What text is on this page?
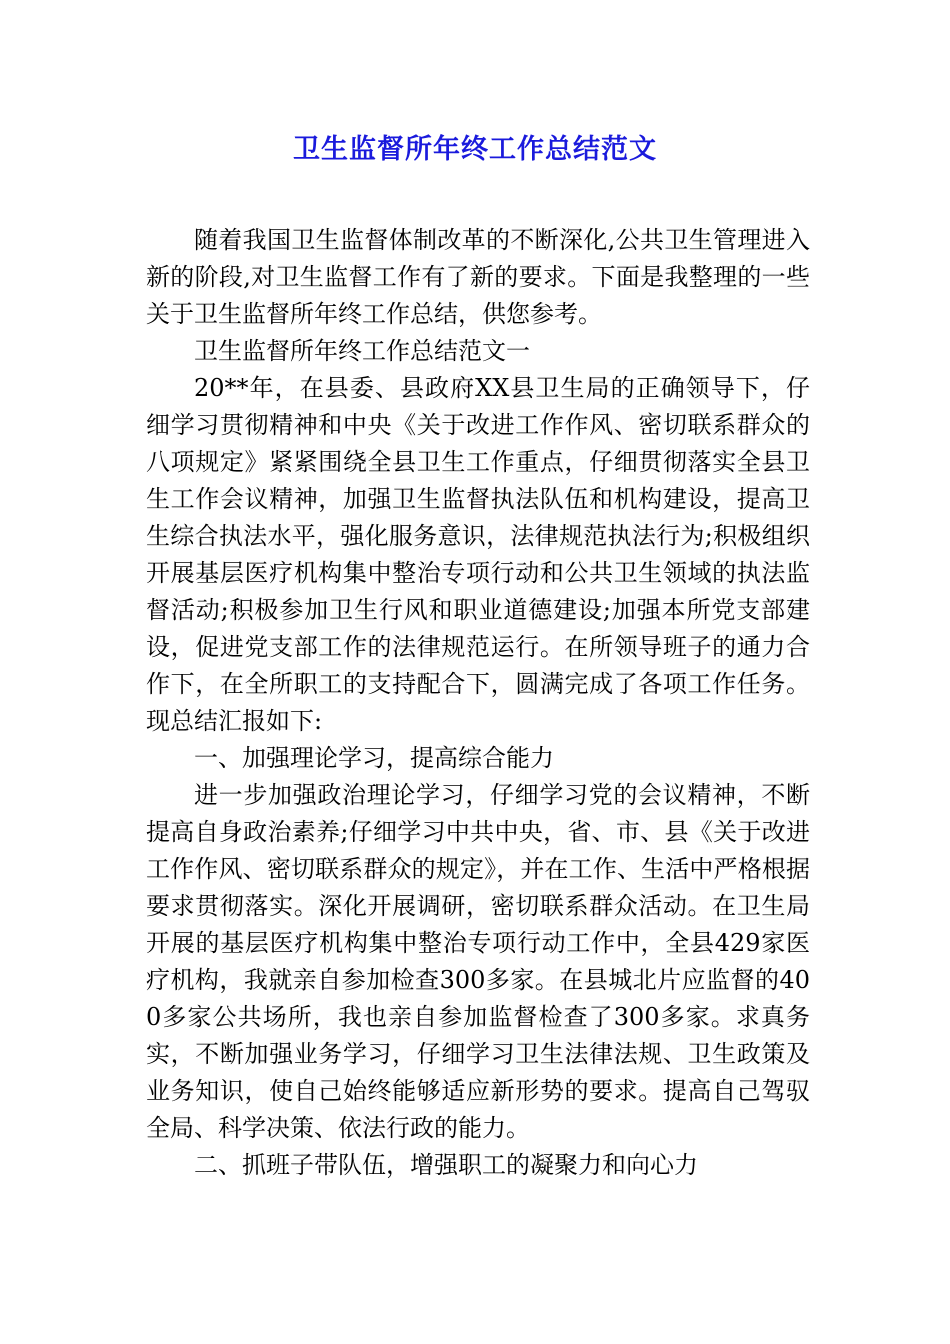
卫生监督所年终工作总结范文

随着我国卫生监督体制改革的不断深化,公共卫生管理进入新的阶段,对卫生监督工作有了新的要求。下面是我整理的一些关于卫生监督所年终工作总结，供您参考。

卫生监督所年终工作总结范文一

20**年，在县委、县政府XX县卫生局的正确领导下，仔细学习贯彻精神和中央《关于改进工作作风、密切联系群众的八项规定》紧紧围绕全县卫生工作重点，仔细贯彻落实全县卫生工作会议精神，加强卫生监督执法队伍和机构建设，提高卫生综合执法水平，强化服务意识，法律规范执法行为;积极组织开展基层医疗机构集中整治专项行动和公共卫生领域的执法监督活动;积极参加卫生行风和职业道德建设;加强本所党支部建设，促进党支部工作的法律规范运行。在所领导班子的通力合作下，在全所职工的支持配合下，圆满完成了各项工作任务。现总结汇报如下:

一、加强理论学习，提高综合能力

进一步加强政治理论学习，仔细学习党的会议精神，不断提高自身政治素养;仔细学习中共中央，省、市、县《关于改进工作作风、密切联系群众的规定》，并在工作、生活中严格根据要求贯彻落实。深化开展调研，密切联系群众活动。在卫生局开展的基层医疗机构集中整治专项行动工作中，全县429家医疗机构，我就亲自参加检查300多家。在县城北片应监督的400多家公共场所，我也亲自参加监督检查了300多家。求真务实，不断加强业务学习，仔细学习卫生法律法规、卫生政策及业务知识，使自己始终能够适应新形势的要求。提高自己驾驭全局、科学决策、依法行政的能力。

二、抓班子带队伍，增强职工的凝聚力和向心力
